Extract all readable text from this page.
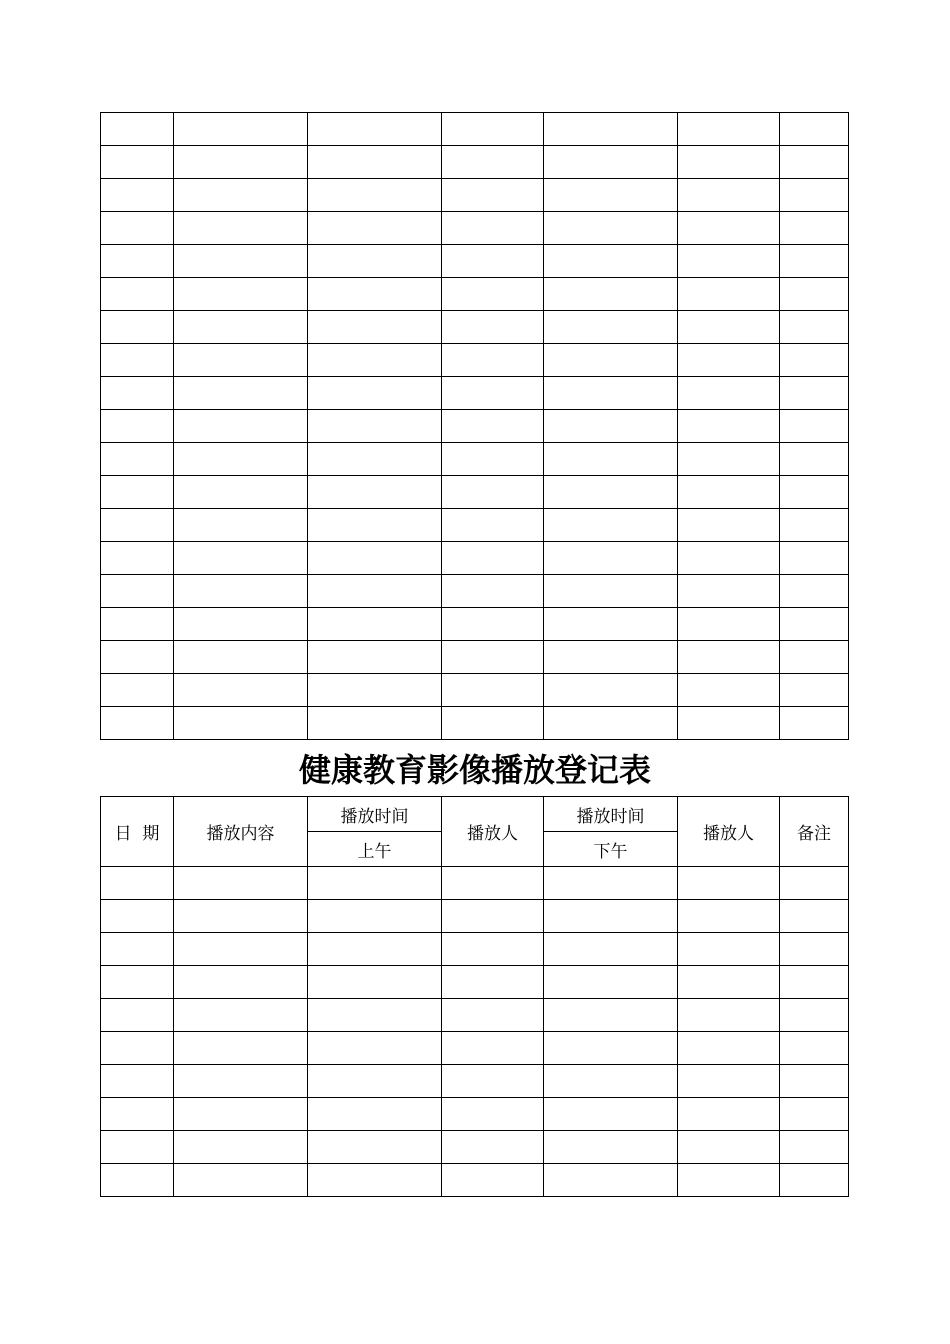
健康教育影像播放登记表
日  期	播放内容	播放时间	播放人	播放时间	播放人	备注
		上午		下午		
